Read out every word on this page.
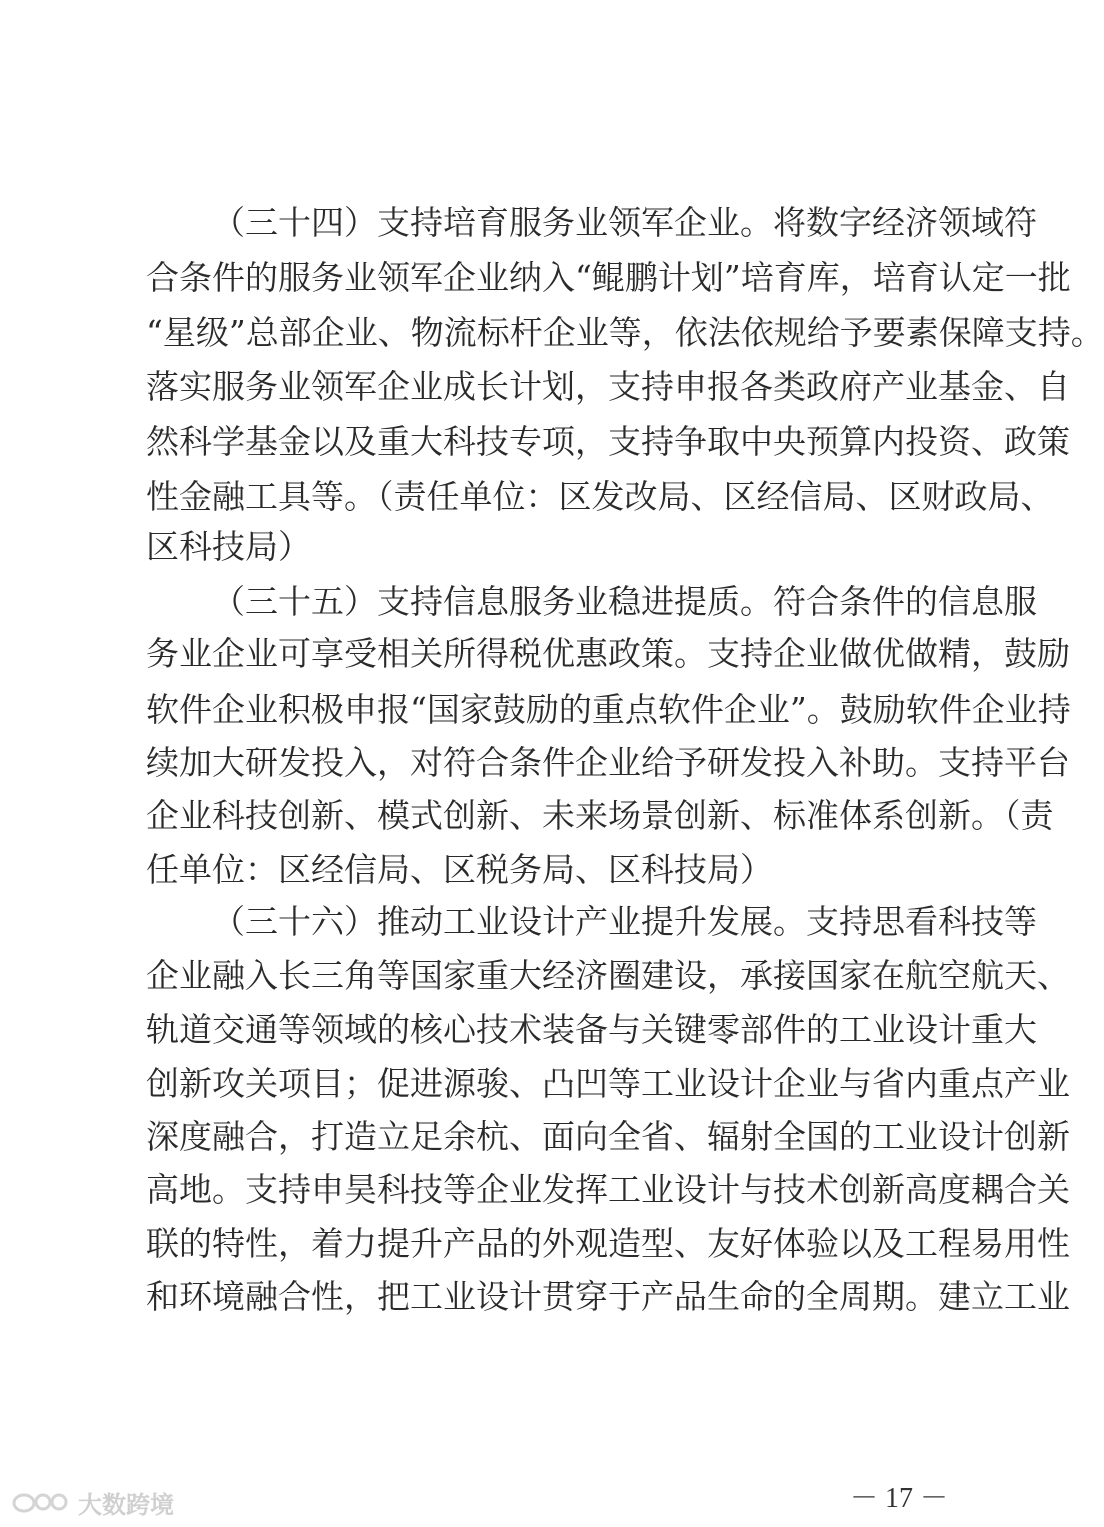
（三十四）支持培育服务业领军企业。将数字经济领域符
合条件的服务业领军企业纳入“鲲鹏计划”培育库，培育认定一批
“星级”总部企业、物流标杆企业等，依法依规给予要素保障支持。
落实服务业领军企业成长计划，支持申报各类政府产业基金、自
然科学基金以及重大科技专项，支持争取中央预算内投资、政策
性金融工具等。（责任单位：区发改局、区经信局、区财政局、
区科技局）
（三十五）支持信息服务业稳进提质。符合条件的信息服
务业企业可享受相关所得税优惠政策。支持企业做优做精，鼓励
软件企业积极申报“国家鼓励的重点软件企业”。鼓励软件企业持
续加大研发投入，对符合条件企业给予研发投入补助。支持平台
企业科技创新、模式创新、未来场景创新、标准体系创新。（责
任单位：区经信局、区税务局、区科技局）
（三十六）推动工业设计产业提升发展。支持思看科技等
企业融入长三角等国家重大经济圈建设，承接国家在航空航天、
轨道交通等领域的核心技术装备与关键零部件的工业设计重大
创新攻关项目；促进源骏、凸凹等工业设计企业与省内重点产业
深度融合，打造立足余杭、面向全省、辐射全国的工业设计创新
高地。支持申昊科技等企业发挥工业设计与技术创新高度耦合关
联的特性，着力提升产品的外观造型、友好体验以及工程易用性
和环境融合性，把工业设计贯穿于产品生命的全周期。建立工业
－ 17 －
大数跨境
